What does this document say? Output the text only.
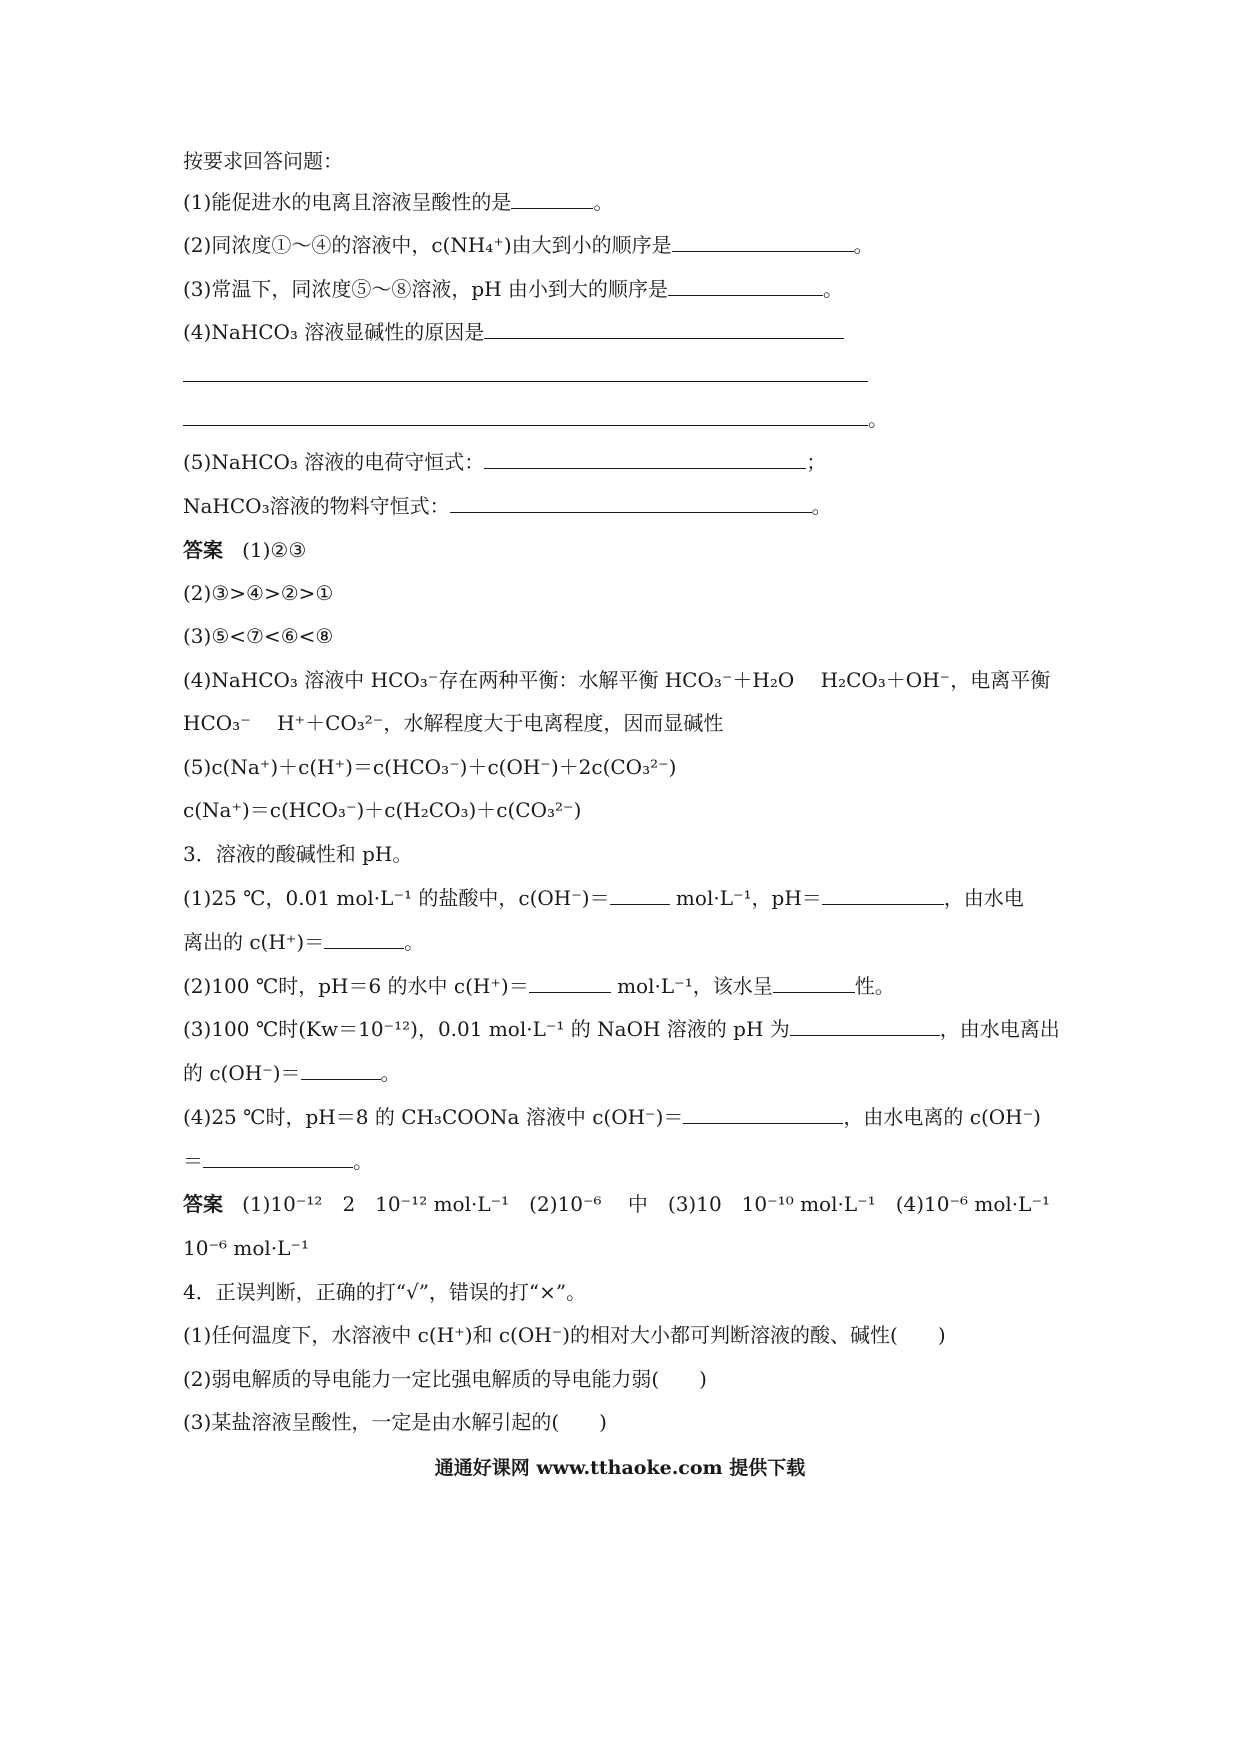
按要求回答问题：
(1)能促进水的电离且溶液呈酸性的是	。
(2)同浓度①～④的溶液中，c(NH₄⁺)由大到小的顺序是	。
(3)常温下，同浓度⑤～⑧溶液，pH 由小到大的顺序是	。
(4)NaHCO₃ 溶液显碱性的原因是
。
(5)NaHCO₃ 溶液的电荷守恒式：	；
NaHCO₃溶液的物料守恒式：	。
答案 (1)②③
(2)③>④>②>①
(3)⑤<⑦<⑥<⑧
(4)NaHCO₃ 溶液中 HCO₃⁻存在两种平衡：水解平衡 HCO₃⁻＋H₂O　 H₂CO₃＋OH⁻，电离平衡
HCO₃⁻　 H⁺＋CO₃²⁻，水解程度大于电离程度，因而显碱性
(5)c(Na⁺)＋c(H⁺)＝c(HCO₃⁻)＋c(OH⁻)＋2c(CO₃²⁻)
c(Na⁺)＝c(HCO₃⁻)＋c(H₂CO₃)＋c(CO₃²⁻)
3．溶液的酸碱性和 pH。
(1)25 ℃，0.01 mol·L⁻¹ 的盐酸中，c(OH⁻)＝	mol·L⁻¹，pH＝	，由水电
离出的 c(H⁺)＝	。
(2)100 ℃时，pH＝6 的水中 c(H⁺)＝	mol·L⁻¹，该水呈	性。
(3)100 ℃时(Kw＝10⁻¹²)，0.01 mol·L⁻¹ 的 NaOH 溶液的 pH 为	，由水电离出
的 c(OH⁻)＝	。
(4)25 ℃时，pH＝8 的 CH₃COONa 溶液中 c(OH⁻)＝	，由水电离的 c(OH⁻)
＝	。
答案 (1)10⁻¹²　2　10⁻¹² mol·L⁻¹　(2)10⁻⁶　 中　(3)10　10⁻¹⁰ mol·L⁻¹　(4)10⁻⁶ mol·L⁻¹
10⁻⁶ mol·L⁻¹
4．正误判断，正确的打“√”，错误的打“×”。
(1)任何温度下，水溶液中 c(H⁺)和 c(OH⁻)的相对大小都可判断溶液的酸、碱性(　　)
(2)弱电解质的导电能力一定比强电解质的导电能力弱(　　)
(3)某盐溶液呈酸性，一定是由水解引起的(　　)
通通好课网 www.tthaoke.com 提供下载
